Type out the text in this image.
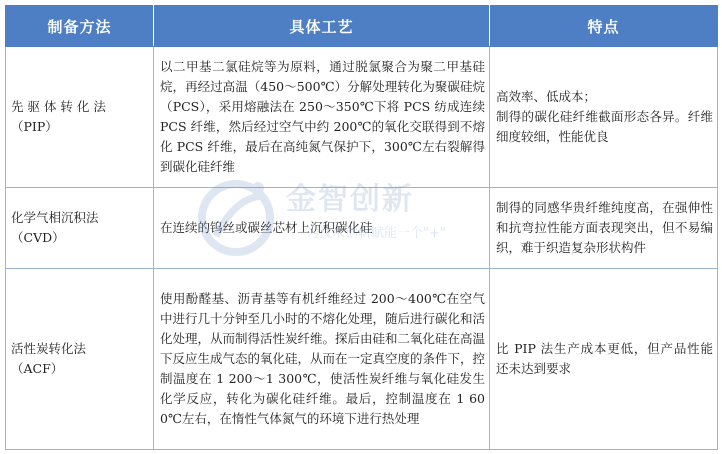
制备方法	具体工艺	特点

先 驱 体 转 化 法
（PIP）	以二甲基二氯硅烷等为原料，通过脱氯聚合为聚二甲基硅烷，再经过高温（450～500℃）分解处理转化为聚碳硅烷（PCS），采用熔融法在 250～350℃下将 PCS 纺成连续 PCS 纤维，然后经过空气中约 200℃的氧化交联得到不熔化 PCS 纤维，最后在高纯氮气保护下，300℃左右裂解得到碳化硅纤维	高效率、低成本；
制得的碳化硅纤维截面形态各异。纤维细度较细，性能优良

化学气相沉积法
（CVD）	在连续的钨丝或碳丝芯材上沉积碳化硅	制得的同感华贵纤维纯度高，在强伸性和抗弯拉性能方面表现突出，但不易编织，难于织造复杂形状构件

活性炭转化法
（ACF）	使用酚醛基、沥青基等有机纤维经过 200～400℃在空气中进行几十分钟至几小时的不熔化处理，随后进行碳化和活化处理，从而制得活性炭纤维。探后由硅和二氧化硅在高温下反应生成气态的氧化硅，从而在一定真空度的条件下，控制温度在 1 200～1 300℃，使活性炭纤维与氧化硅发生化学反应，转化为碳化硅纤维。最后，控制温度在 1 600℃左右，在惰性气体氮气的环境下进行热处理	比 PIP 法生产成本更低，但产品性能还未达到要求
金智创新
为技术创新赋能一个"+"
